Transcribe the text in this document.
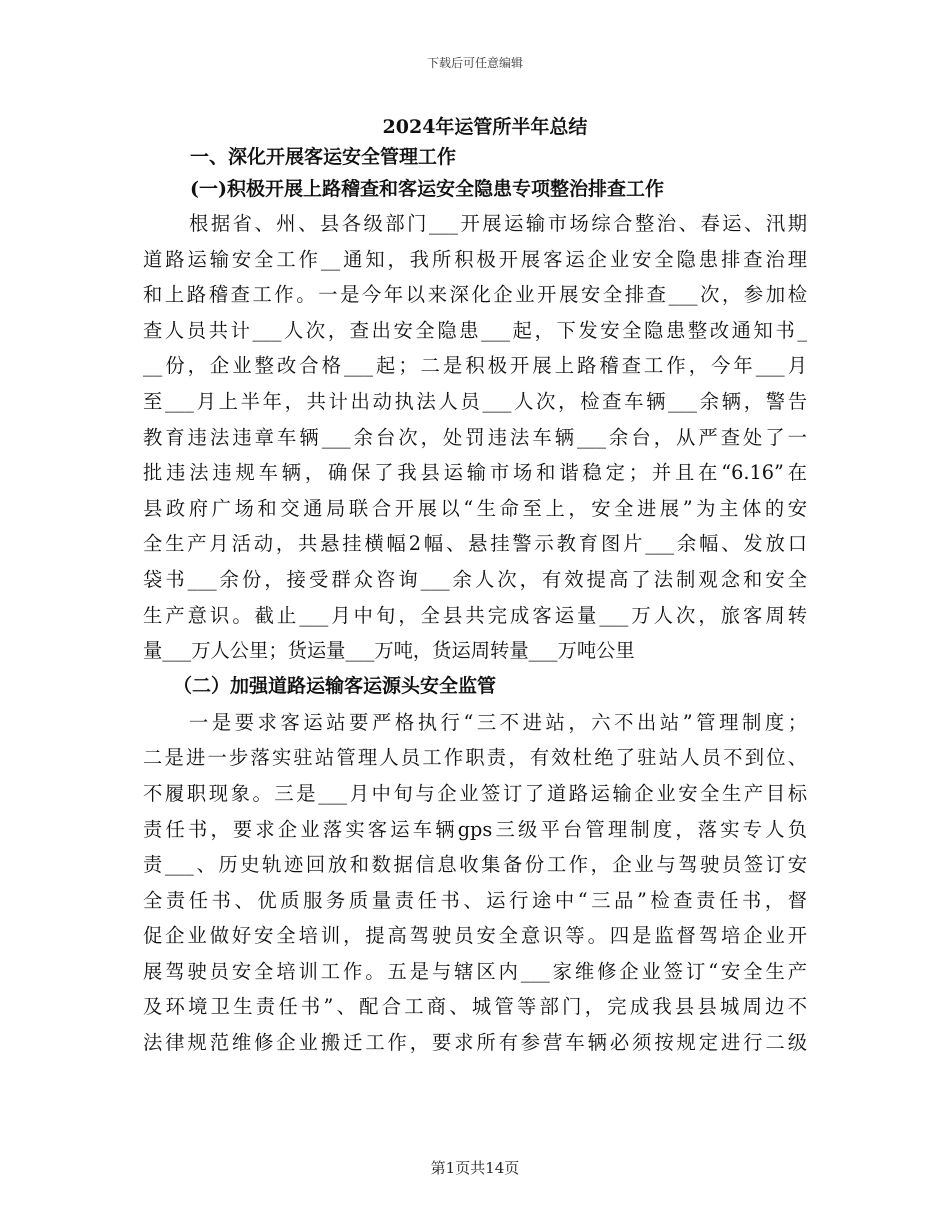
下载后可任意编辑
2024年运管所半年总结
一、深化开展客运安全管理工作
(一)积极开展上路稽查和客运安全隐患专项整治排查工作
根据省、州、县各级部门___开展运输市场综合整治、春运、汛期
道路运输安全工作__通知，我所积极开展客运企业安全隐患排查治理
和上路稽查工作。一是今年以来深化企业开展安全排查___次，参加检
查人员共计___人次，查出安全隐患___起，下发安全隐患整改通知书_
__份，企业整改合格___起；二是积极开展上路稽查工作，今年___月
至___月上半年，共计出动执法人员___人次，检查车辆___余辆，警告
教育违法违章车辆___余台次，处罚违法车辆___余台，从严查处了一
批违法违规车辆，确保了我县运输市场和谐稳定；并且在“6.16”在
县政府广场和交通局联合开展以“生命至上，安全进展”为主体的安
全生产月活动，共悬挂横幅2幅、悬挂警示教育图片___余幅、发放口
袋书___余份，接受群众咨询___余人次，有效提高了法制观念和安全
生产意识。截止___月中旬，全县共完成客运量___万人次，旅客周转
量___万人公里；货运量___万吨，货运周转量___万吨公里
（二）加强道路运输客运源头安全监管
一是要求客运站要严格执行“三不进站，六不出站”管理制度；
二是进一步落实驻站管理人员工作职责，有效杜绝了驻站人员不到位、
不履职现象。三是___月中旬与企业签订了道路运输企业安全生产目标
责任书，要求企业落实客运车辆gps三级平台管理制度，落实专人负
责___、历史轨迹回放和数据信息收集备份工作，企业与驾驶员签订安
全责任书、优质服务质量责任书、运行途中“三品”检查责任书，督
促企业做好安全培训，提高驾驶员安全意识等。四是监督驾培企业开
展驾驶员安全培训工作。五是与辖区内___家维修企业签订“安全生产
及环境卫生责任书”、配合工商、城管等部门，完成我县县城周边不
法律规范维修企业搬迁工作，要求所有参营车辆必须按规定进行二级
第1页共14页
